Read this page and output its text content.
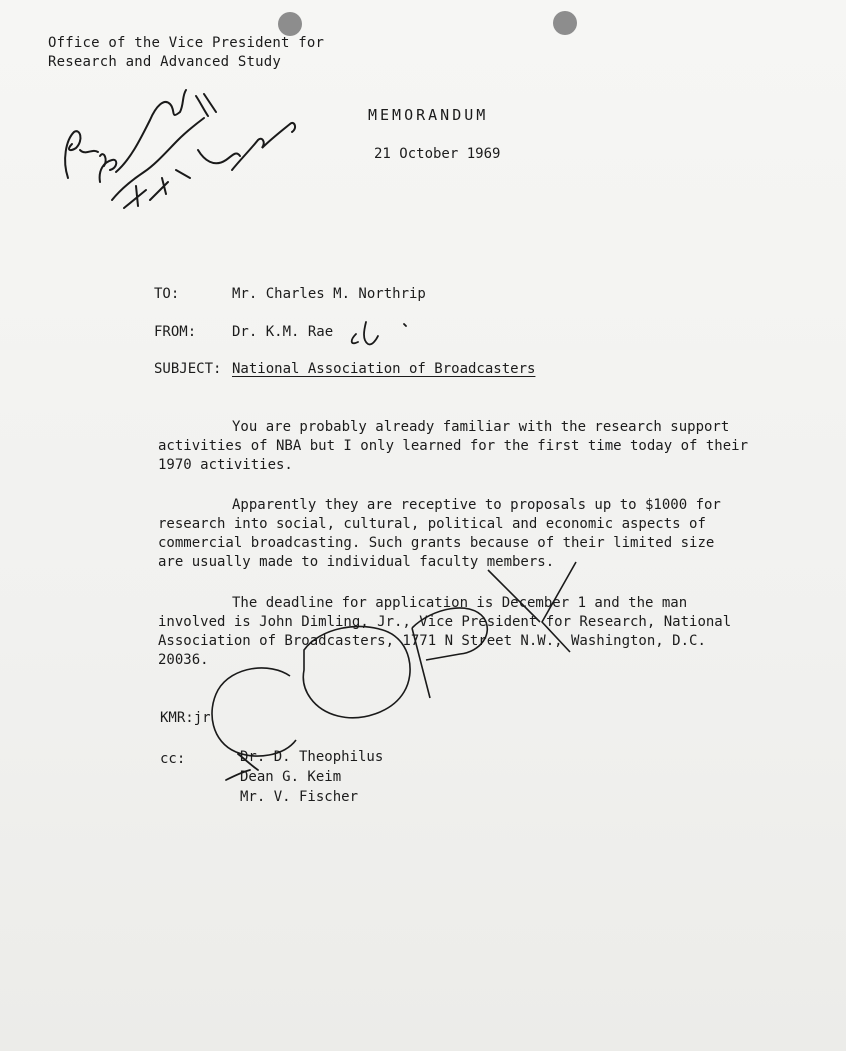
Office of the Vice President for
Research and Advanced Study
MEMORANDUM
21 October 1969
TO:	Mr. Charles M. Northrip
FROM:	Dr. K.M. Rae
SUBJECT: National Association of Broadcasters

You are probably already familiar with the research support

activities of NBA but I only learned for the first time today of their

1970 activities.

Apparently they are receptive to proposals up to $1000 for

research into social, cultural, political and economic aspects of

commercial broadcasting. Such grants because of their limited size

are usually made to individual faculty members.

The deadline for application is December 1 and the man

involved is John Dimling, Jr., Vice President for Research, National

Association of Broadcasters, 1771 N Street N.W., Washington, D.C.

20036.

KMR:jr
cc:	Dr. D. Theophilus
Dean G. Keim
Mr. V. Fischer
COPY
